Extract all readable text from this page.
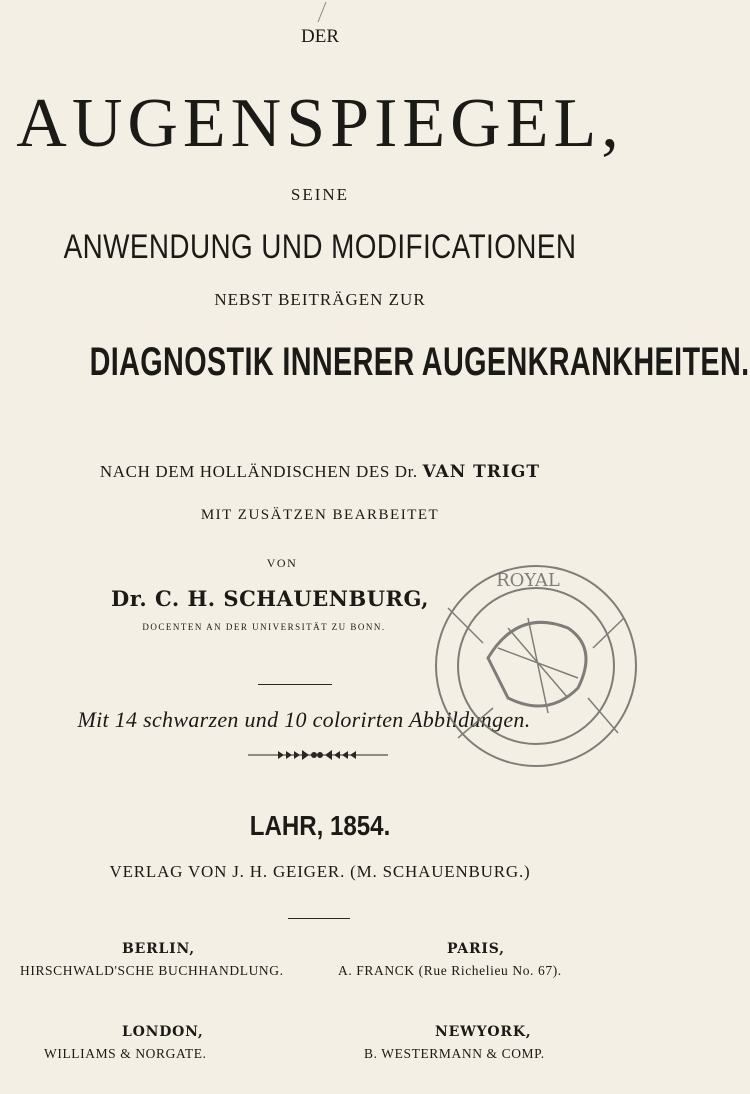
DER
AUGENSPIEGEL,
SEINE
ANWENDUNG UND MODIFICATIONEN
NEBST BEITRÄGEN ZUR
DIAGNOSTIK INNERER AUGENKRANKHEITEN.
NACH DEM HOLLÄNDISCHEN DES Dr. VAN TRIGT
MIT ZUSÄTZEN BEARBEITET
VON
Dr. C. H. SCHAUENBURG,
DOCENTEN AN DER UNIVERSITÄT ZU BONN.
Mit 14 schwarzen und 10 colorirten Abbildungen.
LAHR, 1854.
VERLAG VON J. H. GEIGER. (M. SCHAUENBURG.)
BERLIN,	PARIS,
HIRSCHWALD'SCHE BUCHHANDLUNG.	A. FRANCK (Rue Richelieu No. 67).
LONDON,	NEWYORK,
WILLIAMS & NORGATE.	B. WESTERMANN & COMP.
ROYAL
